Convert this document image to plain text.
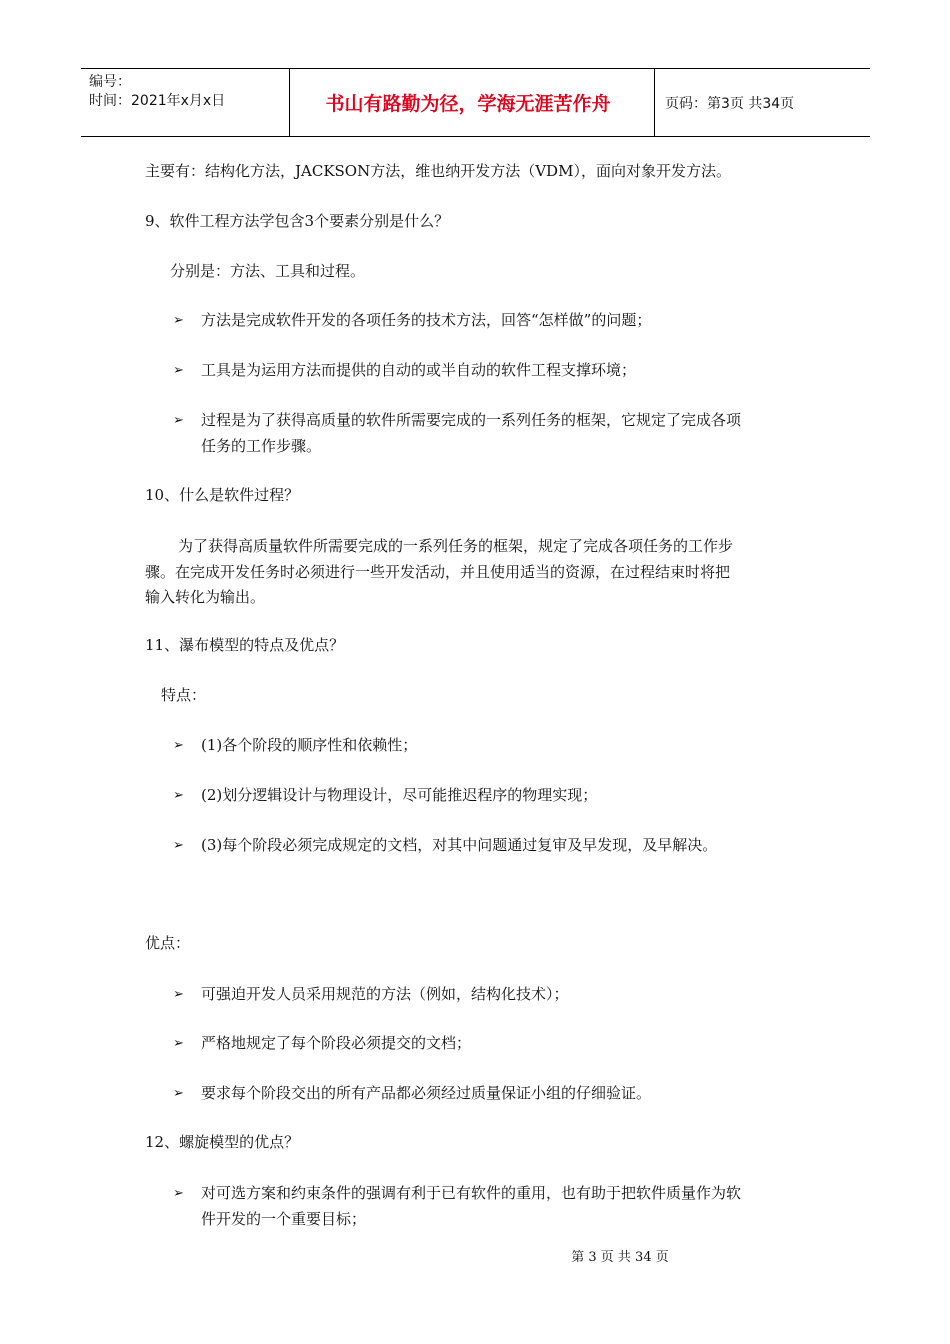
编号：
时间：2021年x月x日	书山有路勤为径，学海无涯苦作舟	页码：第3页 共34页
主要有：结构化方法，JACKSON方法，维也纳开发方法（VDM），面向对象开发方法。
9、软件工程方法学包含3个要素分别是什么？
分别是：方法、工具和过程。
➢ 方法是完成软件开发的各项任务的技术方法，回答“怎样做”的问题；
➢ 工具是为运用方法而提供的自动的或半自动的软件工程支撑环境；
➢ 过程是为了获得高质量的软件所需要完成的一系列任务的框架，它规定了完成各项
任务的工作步骤。
10、什么是软件过程？
为了获得高质量软件所需要完成的一系列任务的框架，规定了完成各项任务的工作步
骤。在完成开发任务时必须进行一些开发活动，并且使用适当的资源，在过程结束时将把
输入转化为输出。
11、瀑布模型的特点及优点？
特点：
➢ (1)各个阶段的顺序性和依赖性；
➢ (2)划分逻辑设计与物理设计，尽可能推迟程序的物理实现；
➢ (3)每个阶段必须完成规定的文档，对其中问题通过复审及早发现，及早解决。
优点：
➢ 可强迫开发人员采用规范的方法（例如，结构化技术）；
➢ 严格地规定了每个阶段必须提交的文档；
➢ 要求每个阶段交出的所有产品都必须经过质量保证小组的仔细验证。
12、螺旋模型的优点？
➢ 对可选方案和约束条件的强调有利于已有软件的重用，也有助于把软件质量作为软
件开发的一个重要目标；
第 3 页 共 34 页
